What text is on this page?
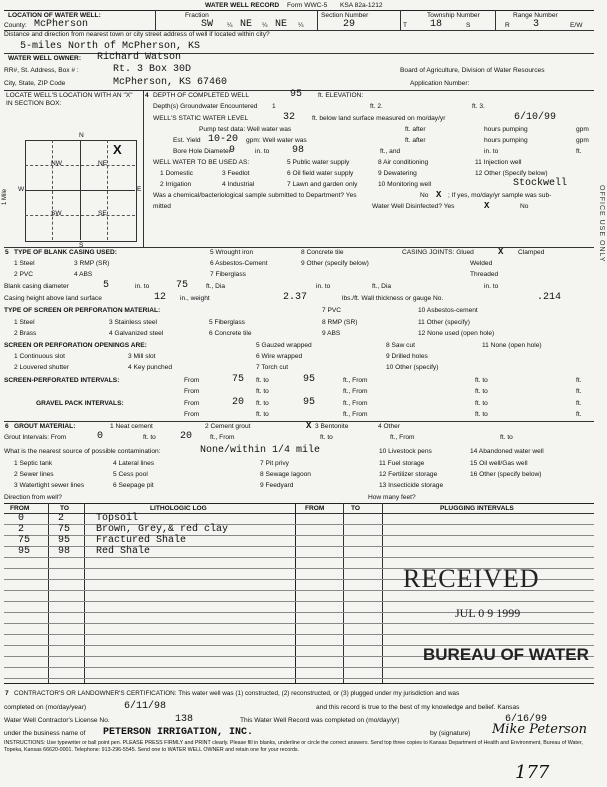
WATER WELL RECORD Form WWC-5 KSA 82a-1212
LOCATION OF WATER WELL:	Fraction	Section Number	Township Number	Range Number
County: McPherson	SW ¼ NE ¼ NE ¼	29	T 18	S	R 3	E/W
Distance and direction from nearest town or city street address of well if located within city?
5-miles North of McPherson, KS
WATER WELL OWNER: Richard Watson
RR#, St. Address, Box # :	Rt. 3 Box 30D	Board of Agriculture, Division of Water Resources
City, State, ZIP Code	McPherson, KS 67460	Application Number:
LOCATE WELL'S LOCATION WITH AN "X" IN SECTION BOX:
4
N
S
W	E
NW	NE
SW	SE
X
1 Mile
DEPTH OF COMPLETED WELL	95 ft. ELEVATION:
Depth(s) Groundwater Encountered 1	ft. 2.	ft. 3.
WELL'S STATIC WATER LEVEL	32	ft. below land surface measured on mo/day/yr	6/10/99
Pump test data: Well water was	ft. after	hours pumping	gpm
Est. Yield 10-20 gpm: Well water was	ft. after	hours pumping	gpm
Bore Hole Diameter
9	in. to 98	ft., and	in. to	ft.
WELL WATER TO BE USED AS:	5 Public water supply	8 Air conditioning	11 Injection well
1 Domestic	3 Feedlot	6 Oil field water supply	9 Dewatering	12 Other (Specify below)
2 Irrigation	4 Industrial	7 Lawn and garden only	10 Monitoring well	Stockwell
Was a chemical/bacteriological sample submitted to Department? Yes	No X ; If yes, mo/day/yr sample was sub-
mitted	Water Well Disinfected? Yes	X	No
5 TYPE OF BLANK CASING USED:	5 Wrought iron	8 Concrete tile	CASING JOINTS: Glued	X Clamped
1 Steel	3 RMP (SR)	6 Asbestos-Cement	9 Other (specify below)	Welded
2 PVC	4 ABS	7 Fiberglass	Threaded
Blank casing diameter	5	in. to	75	ft., Dia	in. to	ft., Dia	in. to
Casing height above land surface	12 in., weight	2.37	lbs./ft. Wall thickness or gauge No.	.214
TYPE OF SCREEN OR PERFORATION MATERIAL:	7 PVC	10 Asbestos-cement
1 Steel	3 Stainless steel	5 Fiberglass	8 RMP (SR)	11 Other (specify)
2 Brass	4 Galvanized steel	6 Concrete tile	9 ABS	12 None used (open hole)
SCREEN OR PERFORATION OPENINGS ARE:	5 Gauzed wrapped	8 Saw cut	11 None (open hole)
1 Continuous slot	3 Mill slot	6 Wire wrapped	9 Drilled holes
2 Louvered shutter	4 Key punched	7 Torch cut	10 Other (specify)
SCREEN-PERFORATED INTERVALS:	From	75 ft. to	95	ft., From	ft. to	ft.
From	ft. to	ft., From	ft. to	ft.
GRAVEL PACK INTERVALS:	From	20 ft. to	95	ft., From	ft. to	ft.
From	ft. to	ft., From	ft. to	ft.
6 GROUT MATERIAL:	1 Neat cement	2 Cement grout	X 3 Bentonite	4 Other
Grout Intervals: From	0	ft. to 20	ft., From	ft. to	ft., From	ft. to
What is the nearest source of possible contamination:	None/within 1/4 mile	10 Livestock pens	14 Abandoned water well
1 Septic tank	4 Lateral lines	7 Pit privy	11 Fuel storage	15 Oil well/Gas well
2 Sewer lines	5 Cess pool	8 Sewage lagoon	12 Fertilizer storage	16 Other (specify below)
3 Watertight sewer lines	6 Seepage pit	9 Feedyard	13 Insecticide storage
Direction from well?	How many feet?
FROM	TO	LITHOLOGIC LOG	FROM	TO	PLUGGING INTERVALS
0	2	Topsoil
2	75	Brown, Grey,& red clay
75	95	Fractured Shale
95	98	Red Shale
RECEIVED
JUL 0 9 1999
BUREAU OF WATER
7 CONTRACTOR'S OR LANDOWNER'S CERTIFICATION: This water well was (1) constructed, (2) reconstructed, or (3) plugged under my jurisdiction and was
completed on (mo/day/year)	6/11/98	and this record is true to the best of my knowledge and belief. Kansas
Water Well Contractor's License No.	138	This Water Well Record was completed on (mo/day/yr)	6/16/99
under the business name of PETERSON IRRIGATION, INC.	by (signature) Mike Peterson
INSTRUCTIONS: Use typewriter or ball point pen. PLEASE PRESS FIRMLY and PRINT clearly. Please fill in blanks, underline or circle the correct answers. Send top three copies to Kansas Department of Health and Environment, Bureau of Water, Topeka, Kansas 66620-0001. Telephone: 913-296-5545. Send one to WATER WELL OWNER and retain one for your records.
177
OFFICE USE ONLY
